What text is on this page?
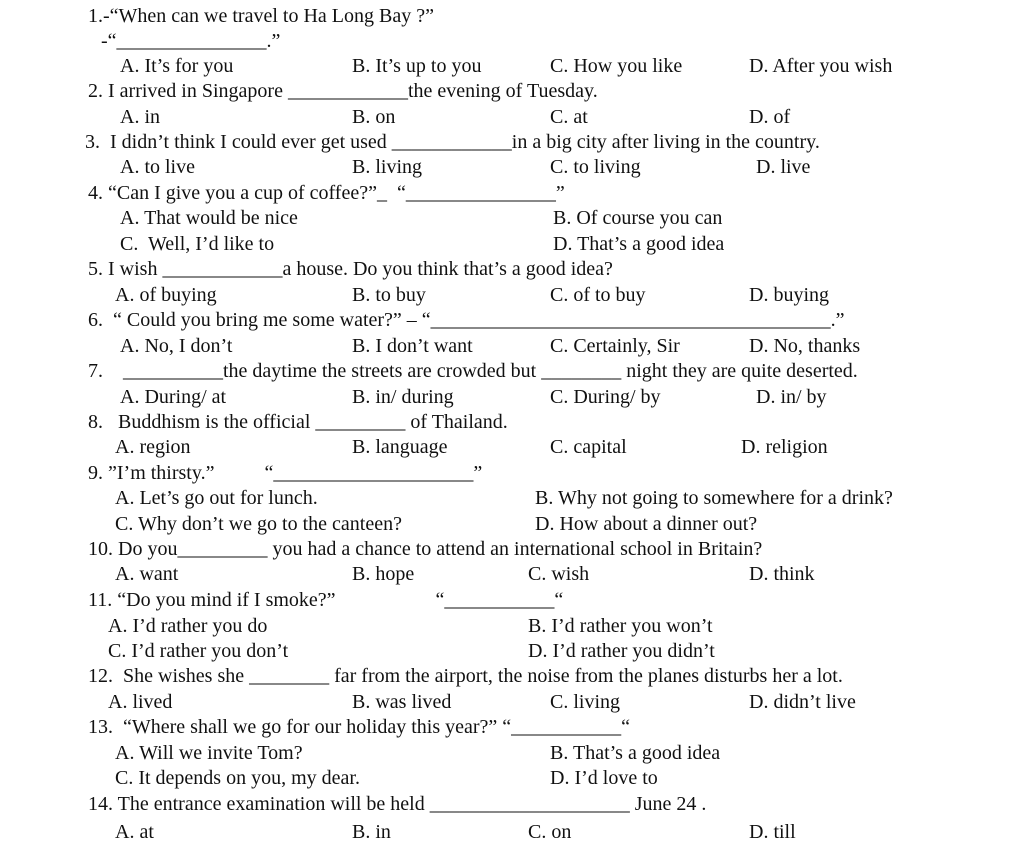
1.-“When can we travel to Ha Long Bay ?”
-“_______________.”
A. It’s for you	B. It’s up to you	C. How you like	D. After you wish
2. I arrived in Singapore ____________the evening of Tuesday.
A. in	B. on	C. at	D. of
3.  I didn’t think I could ever get used ____________in a big city after living in the country.
A. to live	B. living	C. to living	D. live
4. “Can I give you a cup of coffee?”_  “_______________”
A. That would be nice	B. Of course you can
C.  Well, I’d like to	D. That’s a good idea
5. I wish ____________a house. Do you think that’s a good idea?
A. of buying	B. to buy	C. of to buy	D. buying
6.  “ Could you bring me some water?” – “________________________________________.”
A. No, I don’t	B. I don’t want	C. Certainly, Sir	D. No, thanks
7.    __________the daytime the streets are crowded but ________ night they are quite deserted.
A. During/ at	B. in/ during	C. During/ by	D. in/ by
8.   Buddhism is the official _________ of Thailand.
A. region	B. language	C. capital	D. religion
9. ”I’m thirsty.”          “____________________”
A. Let’s go out for lunch.	B. Why not going to somewhere for a drink?
C. Why don’t we go to the canteen?	D. How about a dinner out?
10. Do you_________ you had a chance to attend an international school in Britain?
A. want	B. hope	C. wish	D. think
11. “Do you mind if I smoke?”                    “___________“
A. I’d rather you do	B. I’d rather you won’t
C. I’d rather you don’t	D. I’d rather you didn’t
12.  She wishes she ________ far from the airport, the noise from the planes disturbs her a lot.
A. lived	B. was lived	C. living	D. didn’t live
13.  “Where shall we go for our holiday this year?” “___________“
A. Will we invite Tom?	B. That’s a good idea
C. It depends on you, my dear.	D. I’d love to
14. The entrance examination will be held ____________________ June 24 .
A. at	B. in	C. on	D. till
